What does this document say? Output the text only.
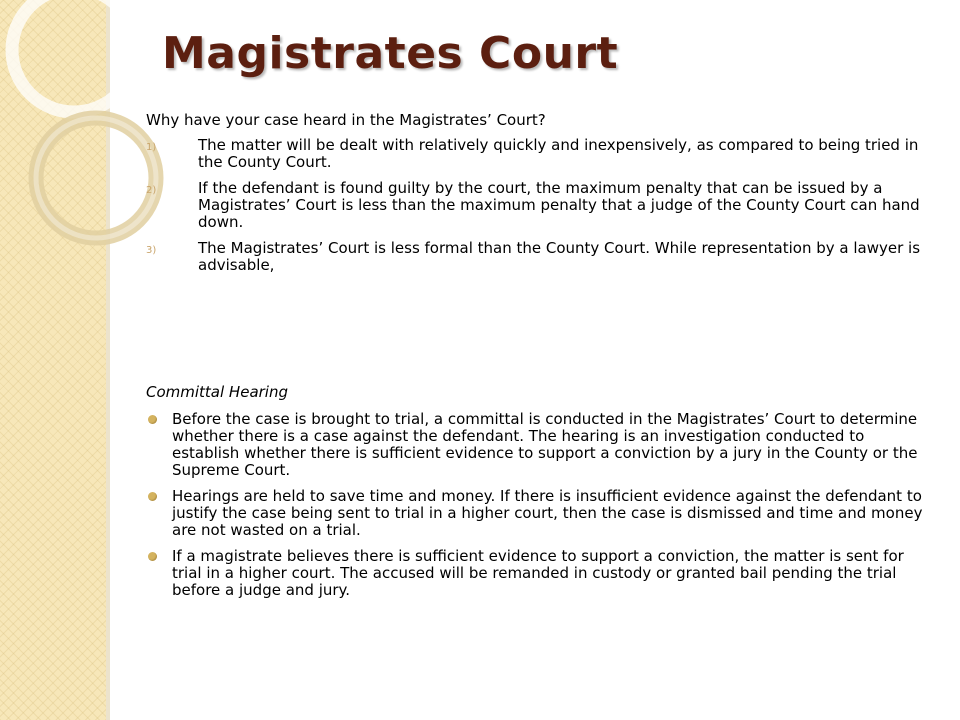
Magistrates Court

Why have your case heard in the Magistrates’ Court?

1)	The matter will be dealt with relatively quickly and inexpensively, as compared to being tried in the County Court.
2)	If the defendant is found guilty by the court, the maximum penalty that can be issued by a Magistrates’ Court is less than the maximum penalty that a judge of the County Court can hand down.
3)	The Magistrates’ Court is less formal than the County Court. While representation by a lawyer is advisable,

Committal Hearing

Before the case is brought to trial, a committal is conducted in the Magistrates’ Court to determine whether there is a case against the defendant. The hearing is an investigation conducted to establish whether there is sufficient evidence to support a conviction by a jury in the County or the Supreme Court.
Hearings are held to save time and money. If there is insufficient evidence against the defendant to justify the case being sent to trial in a higher court, then the case is dismissed and time and money are not wasted on a trial.
If a magistrate believes there is sufficient evidence to support a conviction, the matter is sent for trial in a higher court. The accused will be remanded in custody or granted bail pending the trial before a judge and jury.
